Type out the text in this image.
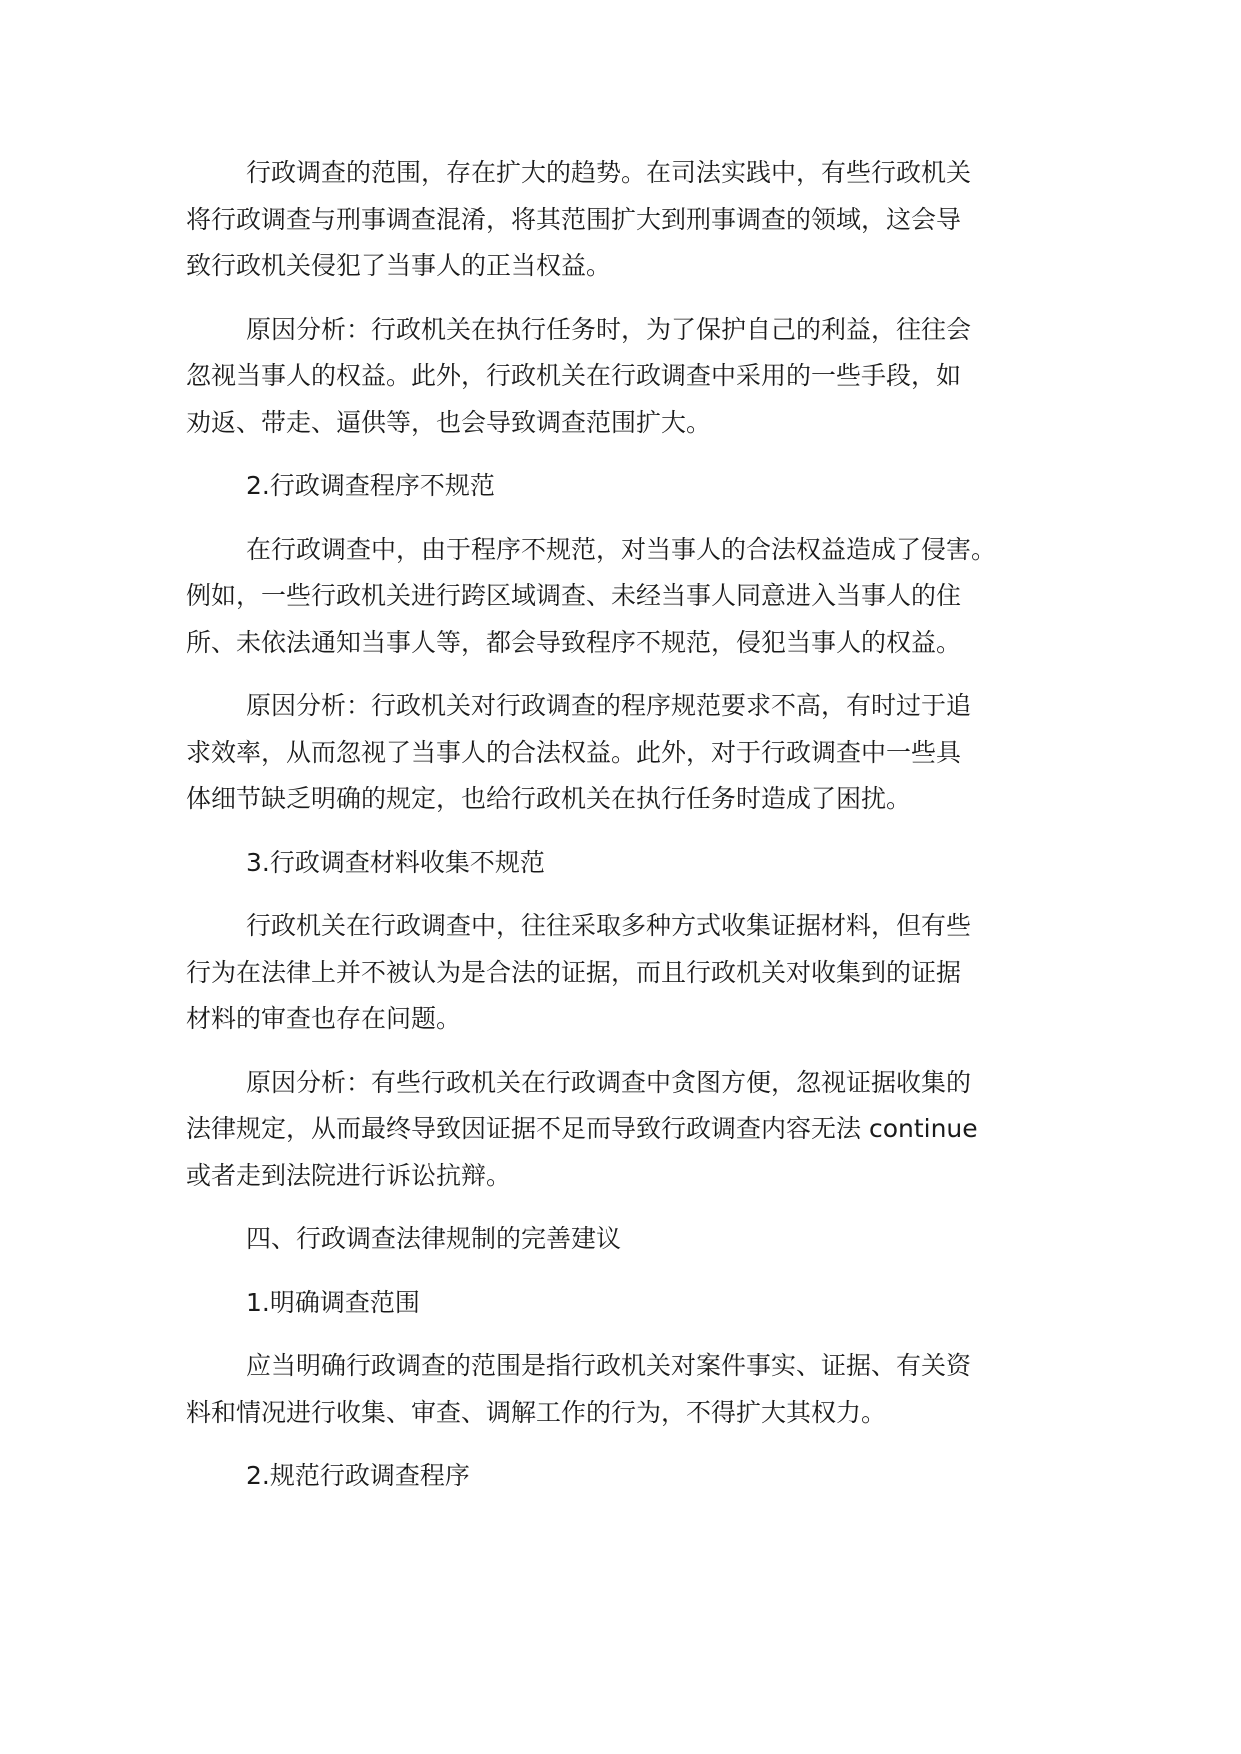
行政调查的范围，存在扩大的趋势。在司法实践中，有些行政机关
将行政调查与刑事调查混淆，将其范围扩大到刑事调查的领域，这会导
致行政机关侵犯了当事人的正当权益。
原因分析：行政机关在执行任务时，为了保护自己的利益，往往会
忽视当事人的权益。此外，行政机关在行政调查中采用的一些手段，如
劝返、带走、逼供等，也会导致调查范围扩大。
2.行政调查程序不规范
在行政调查中，由于程序不规范，对当事人的合法权益造成了侵害。
例如，一些行政机关进行跨区域调查、未经当事人同意进入当事人的住
所、未依法通知当事人等，都会导致程序不规范，侵犯当事人的权益。
原因分析：行政机关对行政调查的程序规范要求不高，有时过于追
求效率，从而忽视了当事人的合法权益。此外，对于行政调查中一些具
体细节缺乏明确的规定，也给行政机关在执行任务时造成了困扰。
3.行政调查材料收集不规范
行政机关在行政调查中，往往采取多种方式收集证据材料，但有些
行为在法律上并不被认为是合法的证据，而且行政机关对收集到的证据
材料的审查也存在问题。
原因分析：有些行政机关在行政调查中贪图方便，忽视证据收集的
法律规定，从而最终导致因证据不足而导致行政调查内容无法 continue
或者走到法院进行诉讼抗辩。
四、行政调查法律规制的完善建议
1.明确调查范围
应当明确行政调查的范围是指行政机关对案件事实、证据、有关资
料和情况进行收集、审查、调解工作的行为，不得扩大其权力。
2.规范行政调查程序
